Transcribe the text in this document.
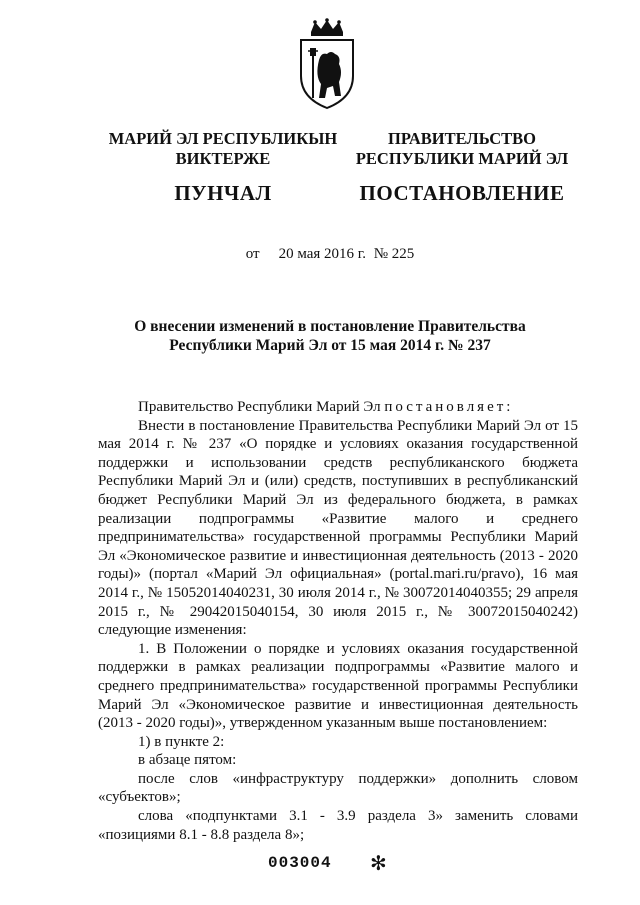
МАРИЙ ЭЛ РЕСПУБЛИКЫН
ВИКТЕРЖЕ
ПУНЧАЛ
ПРАВИТЕЛЬСТВО
РЕСПУБЛИКИ МАРИЙ ЭЛ
ПОСТАНОВЛЕНИЕ
от 20 мая 2016 г. № 225
О внесении изменений в постановление Правительства
Республики Марий Эл от 15 мая 2014 г. № 237

Правительство Республики Марий Эл постановляет:

Внести в постановление Правительства Республики Марий Эл от 15 мая 2014 г. № 237 «О порядке и условиях оказания государственной поддержки и использовании средств республиканского бюджета Республики Марий Эл и (или) средств, поступивших в республиканский бюджет Республики Марий Эл из федерального бюджета, в рамках реализации подпрограммы «Развитие малого и среднего предпринимательства» государственной программы Республики Марий Эл «Экономическое развитие и инвестиционная деятельность (2013 - 2020 годы)» (портал «Марий Эл официальная» (portal.mari.ru/pravo), 16 мая 2014 г., № 15052014040231, 30 июля 2014 г., № 30072014040355; 29 апреля 2015 г., № 29042015040154, 30 июля 2015 г., № 30072015040242) следующие изменения:

1. В Положении о порядке и условиях оказания государственной поддержки в рамках реализации подпрограммы «Развитие малого и среднего предпринимательства» государственной программы Республики Марий Эл «Экономическое развитие и инвестиционная деятельность (2013 - 2020 годы)», утвержденном указанным выше постановлением:

1) в пункте 2:

в абзаце пятом:

после слов «инфраструктуру поддержки» дополнить словом «субъектов»;

слова «подпунктами 3.1 - 3.9 раздела 3» заменить словами «позициями 8.1 - 8.8 раздела 8»;

003004 ✻
